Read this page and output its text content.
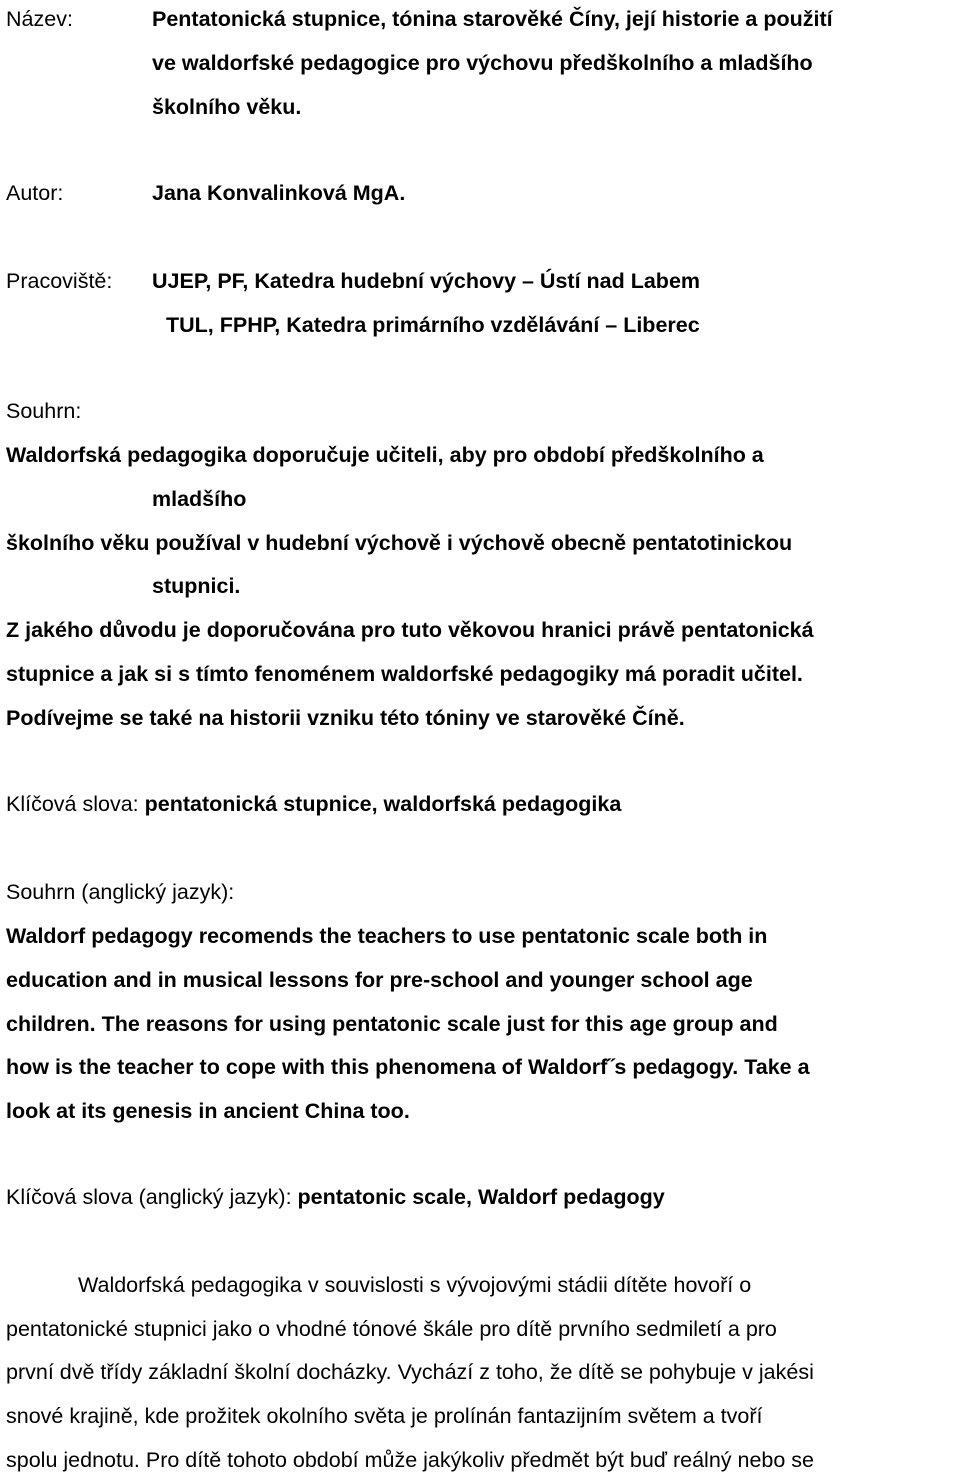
Název:	Pentatonická stupnice, tónina starověké Číny, její historie a použití
ve waldorfské pedagogice pro výchovu předškolního a mladšího
školního věku.
Autor:	Jana Konvalinková MgA.
Pracoviště: UJEP, PF, Katedra hudební výchovy – Ústí nad Labem
TUL, FPHP, Katedra primárního vzdělávání – Liberec
Souhrn:
Waldorfská pedagogika doporučuje učiteli, aby pro období předškolního a
mladšího
školního věku používal v hudební výchově i výchově obecně pentatotinickou
stupnici.
Z jakého důvodu je doporučována pro tuto věkovou hranici právě pentatonická
stupnice a jak si s tímto fenoménem waldorfské pedagogiky má poradit učitel.
Podívejme se také na historii vzniku této tóniny ve starověké Číně.
Klíčová slova: pentatonická stupnice, waldorfská pedagogika
Souhrn (anglický jazyk):
Waldorf pedagogy recomends the teachers to use pentatonic scale both in
education and in musical lessons for pre-school and younger school age
children. The reasons for using pentatonic scale just for this age group and
how is the teacher to cope with this phenomena of Waldorf˝s pedagogy. Take a
look at its genesis in ancient China too.
Klíčová slova (anglický jazyk): pentatonic scale, Waldorf pedagogy
Waldorfská pedagogika v souvislosti s vývojovými stádii dítěte hovoří o
pentatonické stupnici jako o vhodné tónové škále pro dítě prvního sedmiletí a pro
první dvě třídy základní školní docházky. Vychází z toho, že dítě se pohybuje v jakési
snové krajině, kde prožitek okolního světa je prolínán fantazijním světem a tvoří
spolu jednotu. Pro dítě tohoto období může jakýkoliv předmět být buď reálný nebo se
